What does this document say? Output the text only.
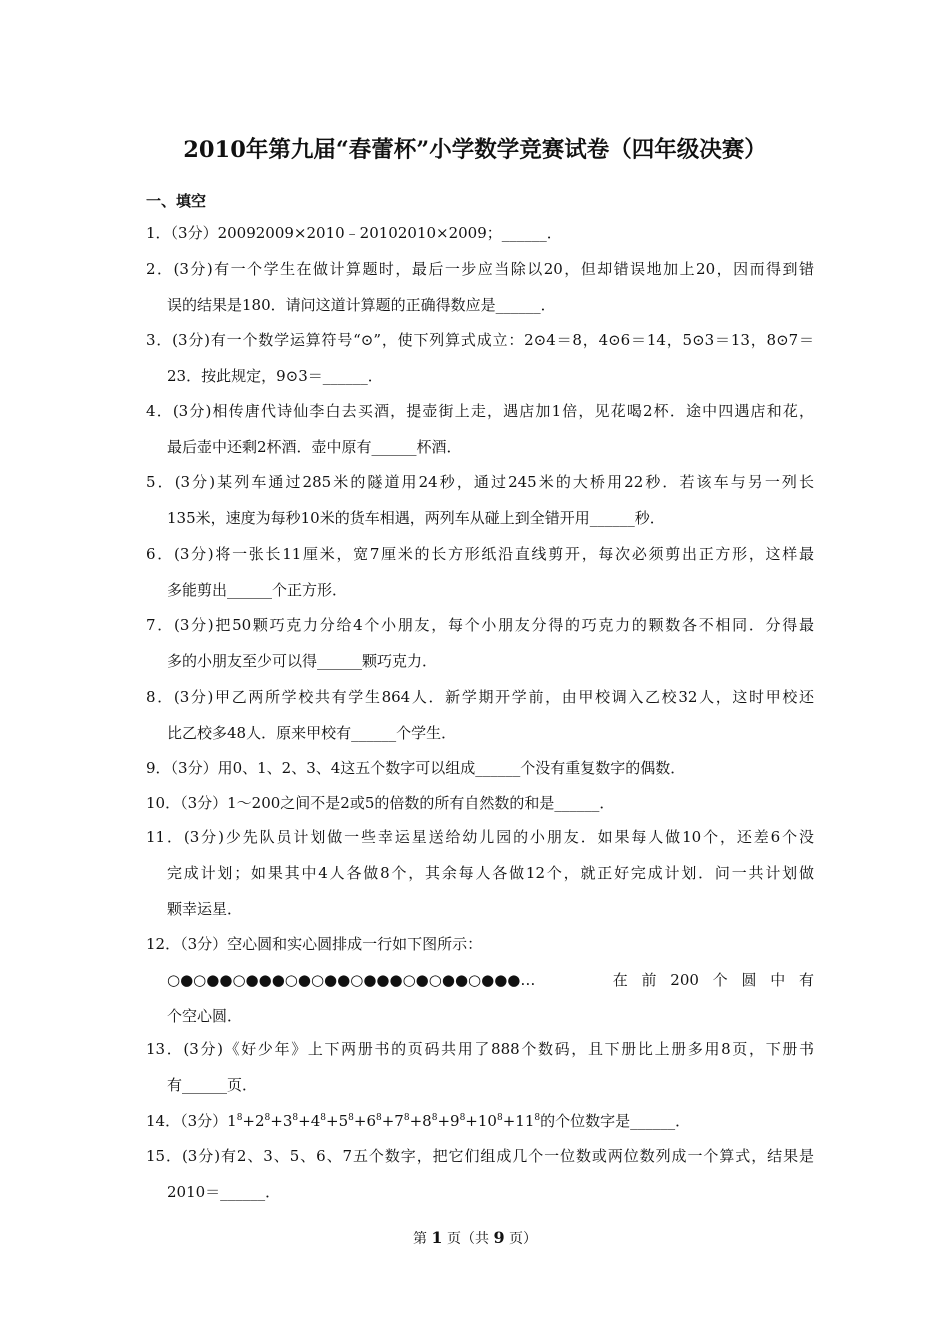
2010年第九届“春蕾杯”小学数学竞赛试卷（四年级决赛）
一、填空
1．（3分）20092009×2010﹣20102010×2009；______．
2．(3分)有一个学生在做计算题时，最后一步应当除以20，但却错误地加上20，因而得到错
误的结果是180．请问这道计算题的正确得数应是______．
3．(3分)有一个数学运算符号“⊙”，使下列算式成立：2⊙4＝8，4⊙6＝14，5⊙3＝13，8⊙7＝
23．按此规定，9⊙3＝______．
4．(3分)相传唐代诗仙李白去买酒，提壶街上走，遇店加1倍，见花喝2杯．途中四遇店和花，
最后壶中还剩2杯酒．壶中原有______杯酒．
5．(3分)某列车通过285米的隧道用24秒，通过245米的大桥用22秒．若该车与另一列长
135米，速度为每秒10米的货车相遇，两列车从碰上到全错开用______秒．
6．(3分)将一张长11厘米，宽7厘米的长方形纸沿直线剪开，每次必须剪出正方形，这样最
多能剪出______个正方形．
7．(3分)把50颗巧克力分给4个小朋友，每个小朋友分得的巧克力的颗数各不相同．分得最
多的小朋友至少可以得______颗巧克力．
8．(3分)甲乙两所学校共有学生864人．新学期开学前，由甲校调入乙校32人，这时甲校还
比乙校多48人．原来甲校有______个学生．
9．（3分）用0、1、2、3、4这五个数字可以组成______个没有重复数字的偶数．
10．（3分）1～200之间不是2或5的倍数的所有自然数的和是______．
11．(3分)少先队员计划做一些幸运星送给幼儿园的小朋友．如果每人做10个，还差6个没
完成计划；如果其中4人各做8个，其余每人各做12个，就正好完成计划．问一共计划做
颗幸运星．
12．（3分）空心圆和实心圆排成一行如下图所示：
○●○●●○●●●○●○●●○●●●○●○●●○●●●…	在 前 200 个 圆 中 有
个空心圆．
13．(3分)《好少年》上下两册书的页码共用了888个数码，且下册比上册多用8页，下册书
有______页．
14．（3分）$1^8+2^8+3^8+4^8+5^8+6^8+7^8+8^8+9^8+10^8+11^8$的个位数字是______．
15．(3分)有2、3、5、6、7五个数字，把它们组成几个一位数或两位数列成一个算式，结果是
2010＝______．
第 1 页（共 9 页）
